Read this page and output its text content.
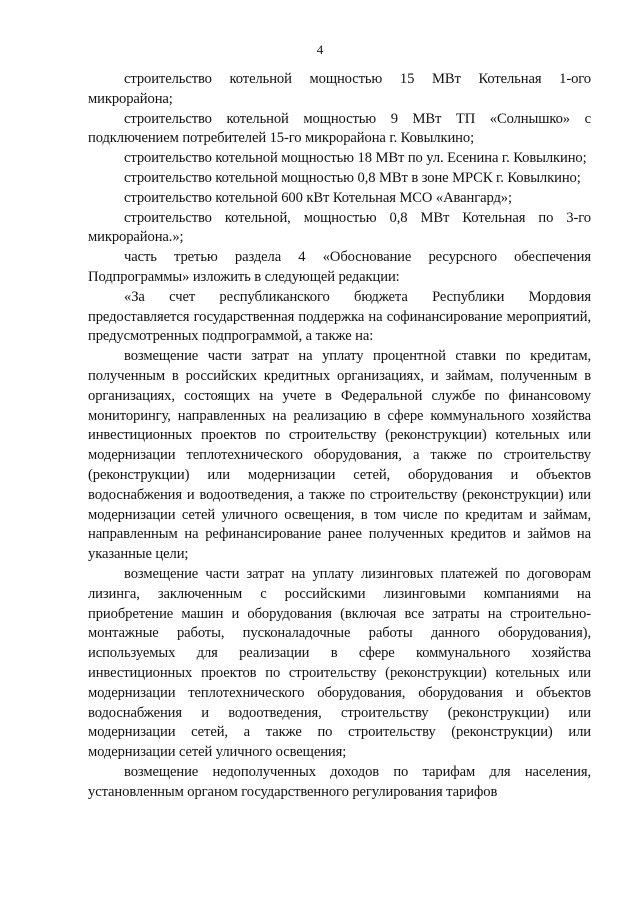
4

строительство котельной мощностью 15 МВт Котельная 1-ого микрорайона;

строительство котельной мощностью 9 МВт ТП «Солнышко» с подключением потребителей 15-го микрорайона г. Ковылкино;

строительство котельной мощностью 18 МВт по ул. Есенина г. Ковылкино;

строительство котельной мощностью 0,8 МВт в зоне МРСК г. Ковылкино;

строительство котельной 600 кВт Котельная МСО «Авангард»;

строительство котельной, мощностью 0,8 МВт Котельная по 3-го микрорайона.»;

часть третью раздела 4 «Обоснование ресурсного обеспечения Подпрограммы» изложить в следующей редакции:

«За счет республиканского бюджета Республики Мордовия предоставляется государственная поддержка на софинансирование мероприятий, предусмотренных подпрограммой, а также на:

возмещение части затрат на уплату процентной ставки по кредитам, полученным в российских кредитных организациях, и займам, полученным в организациях, состоящих на учете в Федеральной службе по финансовому мониторингу, направленных на реализацию в сфере коммунального хозяйства инвестиционных проектов по строительству (реконструкции) котельных или модернизации теплотехнического оборудования, а также по строительству (реконструкции) или модернизации сетей, оборудования и объектов водоснабжения и водоотведения, а также по строительству (реконструкции) или модернизации сетей уличного освещения, в том числе по кредитам и займам, направленным на рефинансирование ранее полученных кредитов и займов на указанные цели;

возмещение части затрат на уплату лизинговых платежей по договорам лизинга, заключенным с российскими лизинговыми компаниями на приобретение машин и оборудования (включая все затраты на строительно-монтажные работы, пусконаладочные работы данного оборудования), используемых для реализации в сфере коммунального хозяйства инвестиционных проектов по строительству (реконструкции) котельных или модернизации теплотехнического оборудования, оборудования и объектов водоснабжения и водоотведения, строительству (реконструкции) или модернизации сетей, а также по строительству (реконструкции) или модернизации сетей уличного освещения;

возмещение недополученных доходов по тарифам для населения, установленным органом государственного регулирования тарифов
